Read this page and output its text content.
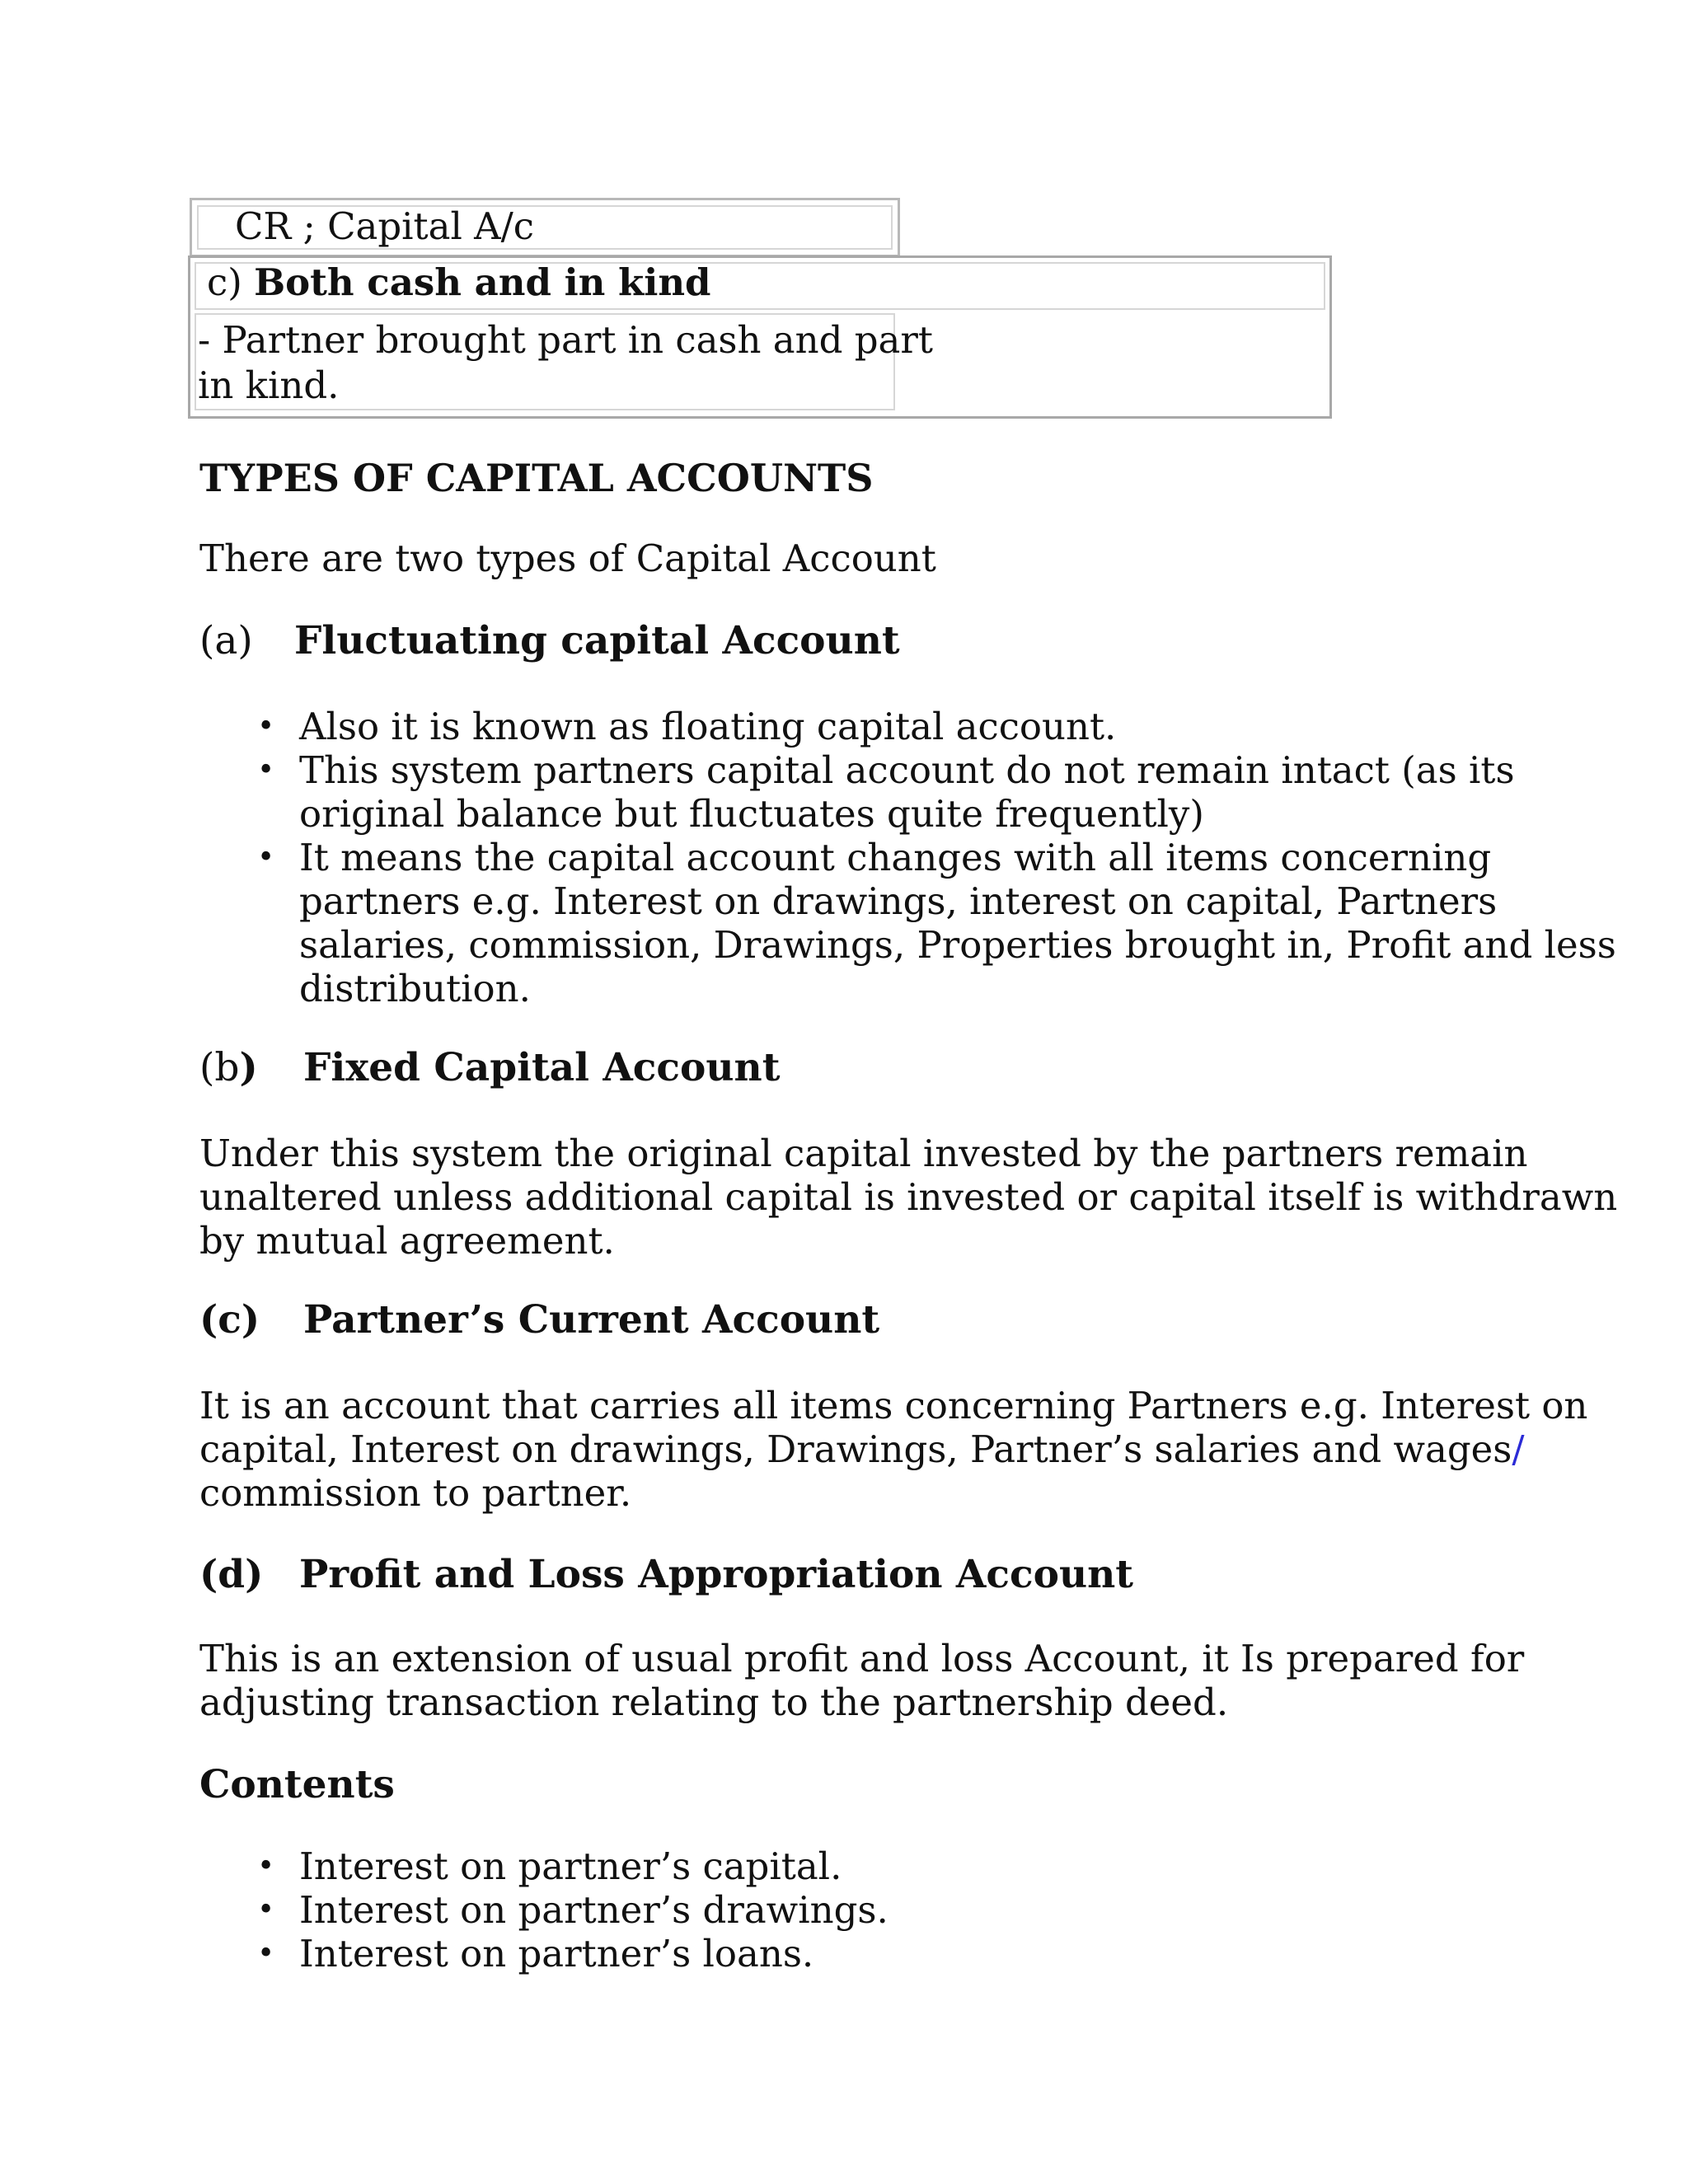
CR ; Capital A/c
c) Both cash and in kind
- Partner brought part in cash and part
in kind.
TYPES OF CAPITAL ACCOUNTS
There are two types of Capital Account
(a) Fluctuating capital Account
• Also it is known as floating capital account.
• This system partners capital account do not remain intact (as its
original balance but fluctuates quite frequently)
• It means the capital account changes with all items concerning
partners e.g. Interest on drawings, interest on capital, Partners
salaries, commission, Drawings, Properties brought in, Profit and less
distribution.
(b) Fixed Capital Account
Under this system the original capital invested by the partners remain
unaltered unless additional capital is invested or capital itself is withdrawn
by mutual agreement.
(c) Partner’s Current Account
It is an account that carries all items concerning Partners e.g. Interest on
capital, Interest on drawings, Drawings, Partner’s salaries and wages/
commission to partner.
(d) Profit and Loss Appropriation Account
This is an extension of usual profit and loss Account, it Is prepared for
adjusting transaction relating to the partnership deed.
Contents
• Interest on partner’s capital.
• Interest on partner’s drawings.
• Interest on partner’s loans.
